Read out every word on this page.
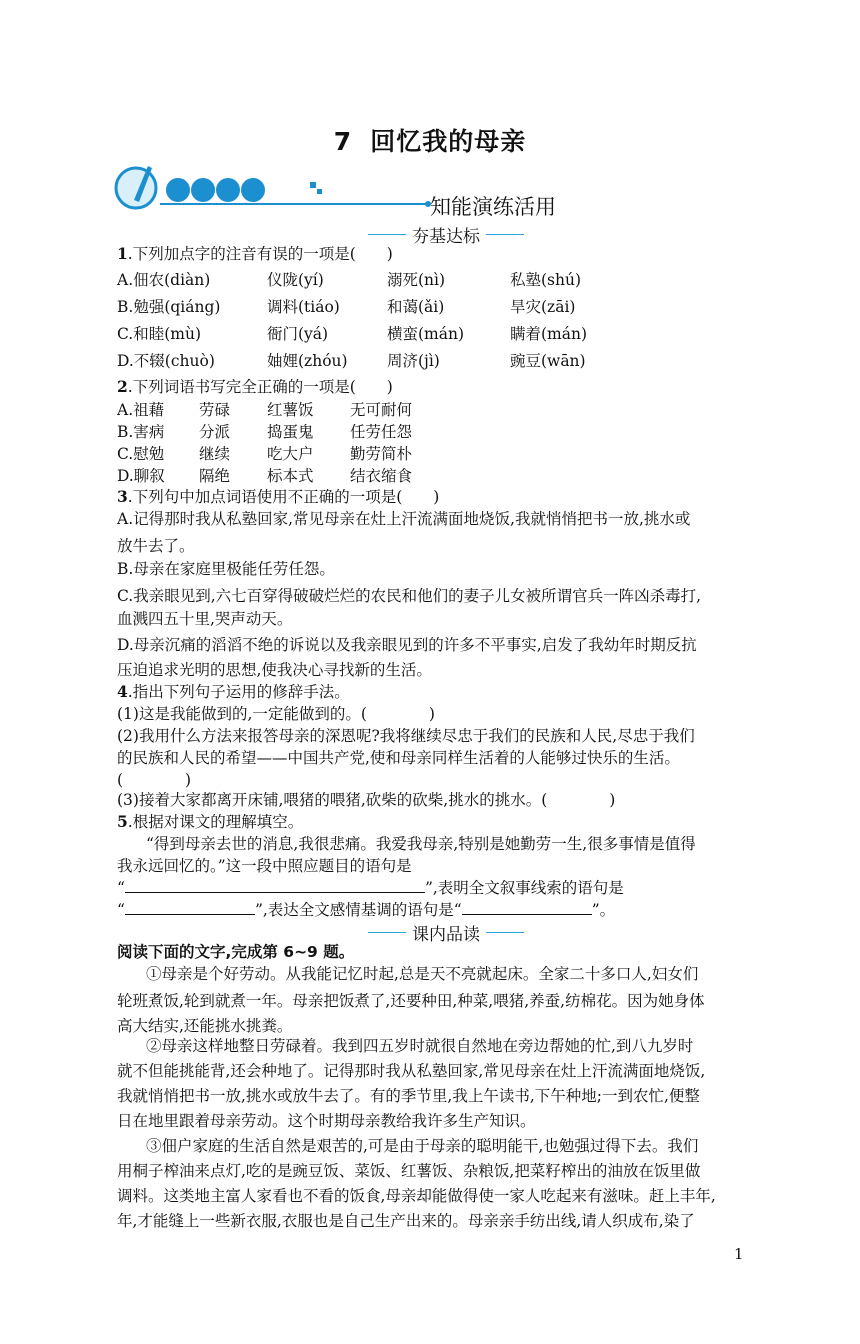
7 回忆我的母亲
知能演练活用
夯基达标
1.下列加点字的注音有误的一项是(　　)
A.佃农(diàn)	仪陇(yí)	溺死(nì)	私塾(shú)
B.勉强(qiáng)	调料(tiáo)	和蔼(ǎi)	旱灾(zāi)
C.和睦(mù)	衙门(yá)	横蛮(mán)	瞒着(mán)
D.不辍(chuò)	妯娌(zhóu)	周济(jì)	豌豆(wān)
2.下列词语书写完全正确的一项是(　　)
A.祖藉 劳碌 红薯饭 无可耐何
B.害病 分派 捣蛋鬼 任劳任怨
C.慰勉 继续 吃大户 勤劳简朴
D.聊叙 隔绝 标本式 结衣缩食
3.下列句中加点词语使用不正确的一项是(　　)
A.记得那时我从私塾回家,常见母亲在灶上汗流满面地烧饭,我就悄悄把书一放,挑水或
放牛去了。
B.母亲在家庭里极能任劳任怨。
C.我亲眼见到,六七百穿得破破烂烂的农民和他们的妻子儿女被所谓官兵一阵凶杀毒打,
血溅四五十里,哭声动天。
D.母亲沉痛的滔滔不绝的诉说以及我亲眼见到的许多不平事实,启发了我幼年时期反抗
压迫追求光明的思想,使我决心寻找新的生活。
4.指出下列句子运用的修辞手法。
(1)这是我能做到的,一定能做到的。(　　　　)
(2)我用什么方法来报答母亲的深恩呢?我将继续尽忠于我们的民族和人民,尽忠于我们
的民族和人民的希望——中国共产党,使和母亲同样生活着的人能够过快乐的生活。
(　　　　)
(3)接着大家都离开床铺,喂猪的喂猪,砍柴的砍柴,挑水的挑水。(　　　　)
5.根据对课文的理解填空。
“得到母亲去世的消息,我很悲痛。我爱我母亲,特别是她勤劳一生,很多事情是值得
我永远回忆的。”这一段中照应题目的语句是
“	”,表明全文叙事线索的语句是
“	”,表达全文感情基调的语句是“	”。
课内品读
阅读下面的文字,完成第 6~9 题。
①母亲是个好劳动。从我能记忆时起,总是天不亮就起床。全家二十多口人,妇女们
轮班煮饭,轮到就煮一年。母亲把饭煮了,还要种田,种菜,喂猪,养蚕,纺棉花。因为她身体
高大结实,还能挑水挑粪。
②母亲这样地整日劳碌着。我到四五岁时就很自然地在旁边帮她的忙,到八九岁时
就不但能挑能背,还会种地了。记得那时我从私塾回家,常见母亲在灶上汗流满面地烧饭,
我就悄悄把书一放,挑水或放牛去了。有的季节里,我上午读书,下午种地;一到农忙,便整
日在地里跟着母亲劳动。这个时期母亲教给我许多生产知识。
③佃户家庭的生活自然是艰苦的,可是由于母亲的聪明能干,也勉强过得下去。我们
用桐子榨油来点灯,吃的是豌豆饭、菜饭、红薯饭、杂粮饭,把菜籽榨出的油放在饭里做
调料。这类地主富人家看也不看的饭食,母亲却能做得使一家人吃起来有滋味。赶上丰年,
年,才能缝上一些新衣服,衣服也是自己生产出来的。母亲亲手纺出线,请人织成布,染了
1
